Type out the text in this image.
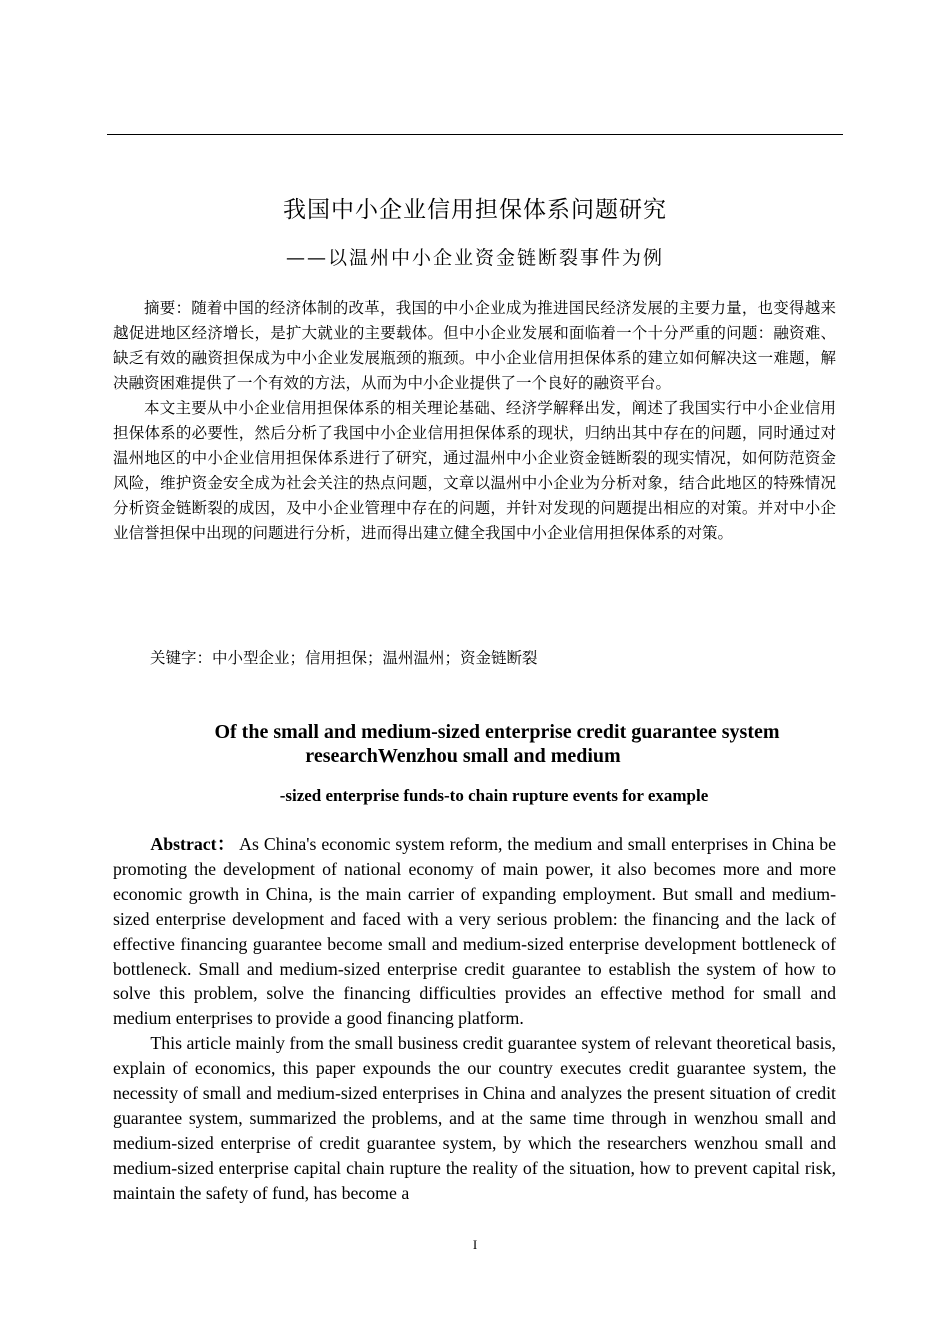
我国中小企业信用担保体系问题研究
——以温州中小企业资金链断裂事件为例

摘要：随着中国的经济体制的改革，我国的中小企业成为推进国民经济发展的主要力量，也变得越来越促进地区经济增长，是扩大就业的主要载体。但中小企业发展和面临着一个十分严重的问题：融资难、缺乏有效的融资担保成为中小企业发展瓶颈的瓶颈。中小企业信用担保体系的建立如何解决这一难题，解决融资困难提供了一个有效的方法，从而为中小企业提供了一个良好的融资平台。

本文主要从中小企业信用担保体系的相关理论基础、经济学解释出发，阐述了我国实行中小企业信用担保体系的必要性，然后分析了我国中小企业信用担保体系的现状，归纳出其中存在的问题，同时通过对温州地区的中小企业信用担保体系进行了研究，通过温州中小企业资金链断裂的现实情况，如何防范资金风险，维护资金安全成为社会关注的热点问题，文章以温州中小企业为分析对象，结合此地区的特殊情况分析资金链断裂的成因，及中小企业管理中存在的问题，并针对发现的问题提出相应的对策。并对中小企业信誉担保中出现的问题进行分析，进而得出建立健全我国中小企业信用担保体系的对策。

关键字：中小型企业；信用担保；温州温州；资金链断裂
Of the small and medium-sized enterprise credit guarantee system
researchWenzhou small and medium
-sized enterprise funds-to chain rupture events for example

Abstract： As China's economic system reform, the medium and small enterprises in China be promoting the development of national economy of main power, it also becomes more and more economic growth in China, is the main carrier of expanding employment. But small and medium-sized enterprise development and faced with a very serious problem: the financing and the lack of effective financing guarantee become small and medium-sized enterprise development bottleneck of bottleneck. Small and medium-sized enterprise credit guarantee to establish the system of how to solve this problem, solve the financing difficulties provides an effective method for small and medium enterprises to provide a good financing platform.

This article mainly from the small business credit guarantee system of relevant theoretical basis, explain of economics, this paper expounds the our country executes credit guarantee system, the necessity of small and medium-sized enterprises in China and analyzes the present situation of credit guarantee system, summarized the problems, and at the same time through in wenzhou small and medium-sized enterprise of credit guarantee system, by which the researchers wenzhou small and medium-sized enterprise capital chain rupture the reality of the situation, how to prevent capital risk, maintain the safety of fund, has become a

I
